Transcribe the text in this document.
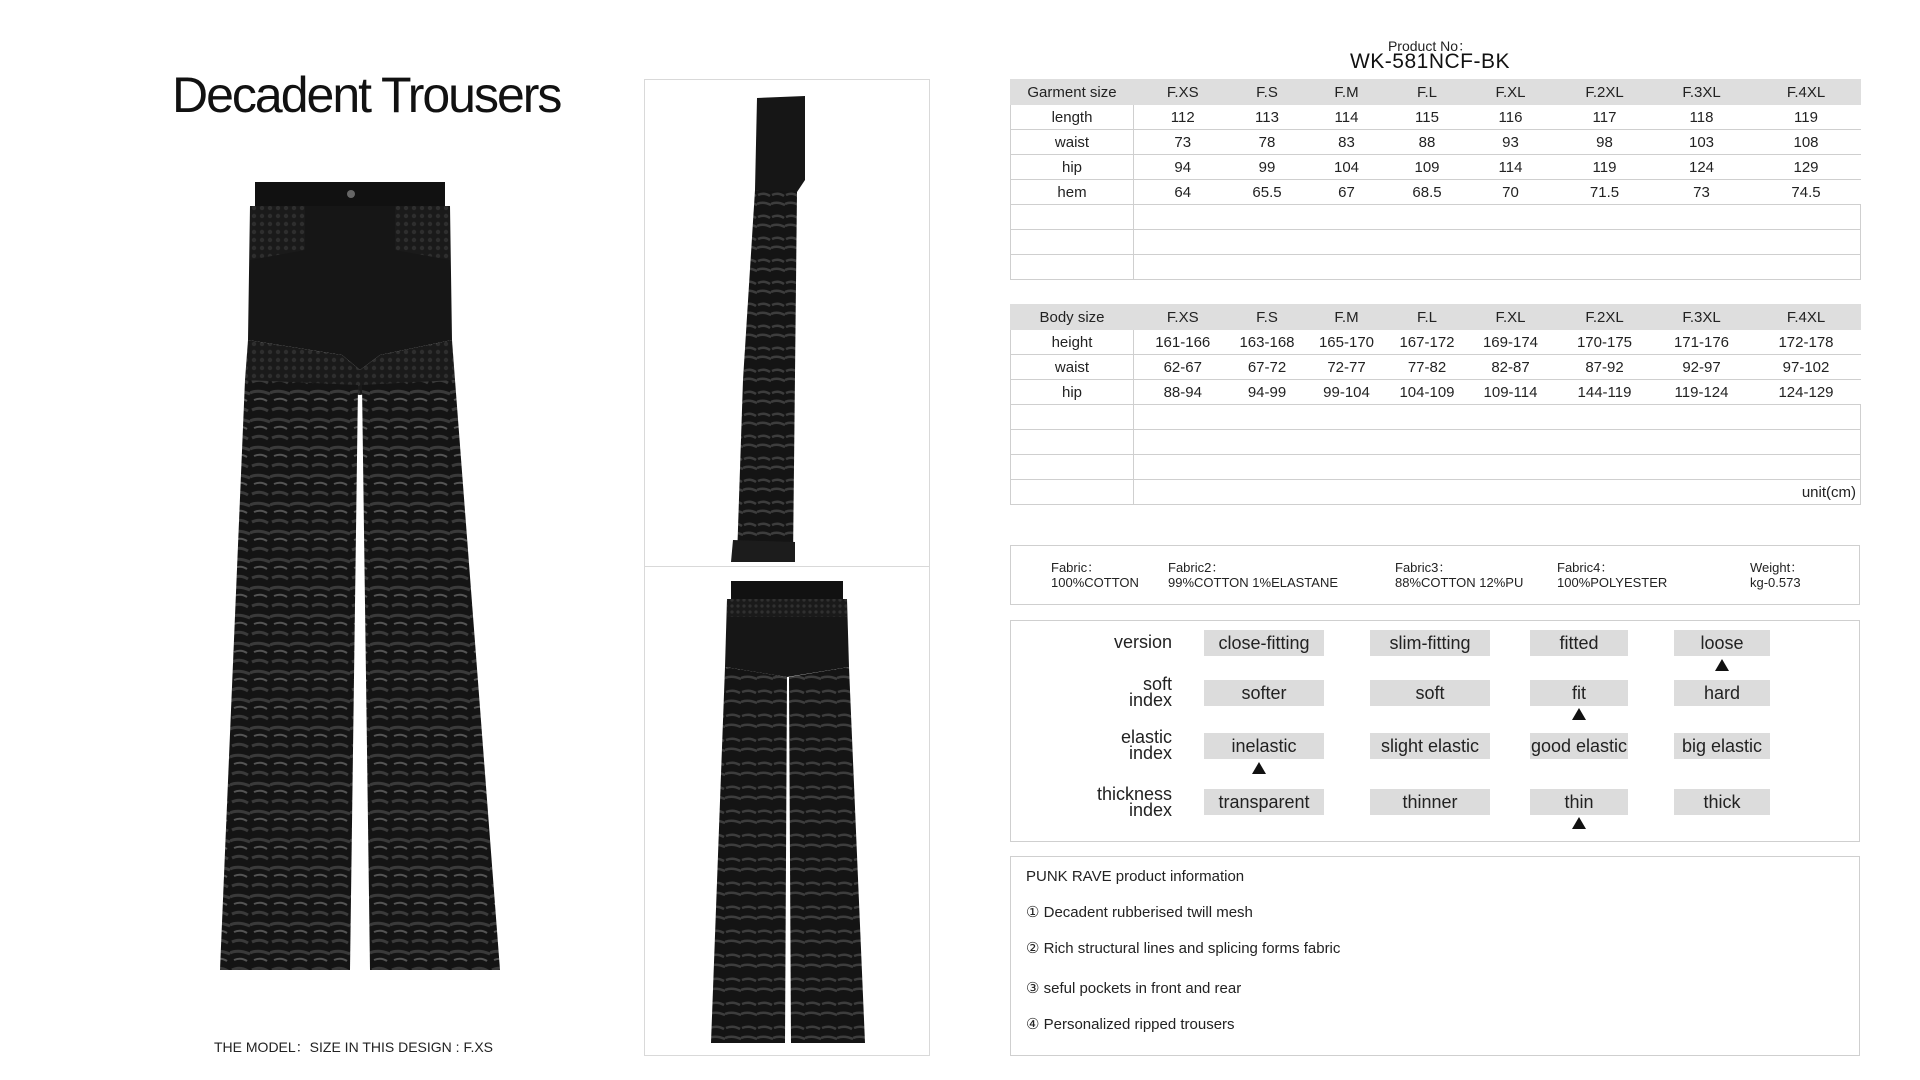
Decadent Trousers
THE MODEL：SIZE IN THIS DESIGN : F.XS
Product No：
WK-581NCF-BK
Garment size	F.XS	F.S	F.M	F.L	F.XL	F.2XL	F.3XL	F.4XL
length	112	113	114	115	116	117	118	119
waist	73	78	83	88	93	98	103	108
hip	94	99	104	109	114	119	124	129
hem	64	65.5	67	68.5	70	71.5	73	74.5

Body size	F.XS	F.S	F.M	F.L	F.XL	F.2XL	F.3XL	F.4XL
height	161-166	163-168	165-170	167-172	169-174	170-175	171-176	172-178
waist	62-67	67-72	72-77	77-82	82-87	87-92	92-97	97-102
hip	88-94	94-99	99-104	104-109	109-114	144-119	119-124	124-129

	unit(cm)							
Fabric：
100%COTTON
Fabric2：
99%COTTON 1%ELASTANE
Fabric3：
88%COTTON 12%PU
Fabric4：
100%POLYESTER
Weight：
kg-0.573
version	close-fitting	slim-fitting	fitted	loose
soft index	softer	soft	fit	hard
elastic index	inelastic	slight elastic	good elastic	big elastic
thickness index	transparent	thinner	thin	thick
PUNK RAVE product information
① Decadent rubberised twill mesh
② Rich structural lines and splicing forms fabric
③ seful pockets in front and rear
④ Personalized ripped trousers
